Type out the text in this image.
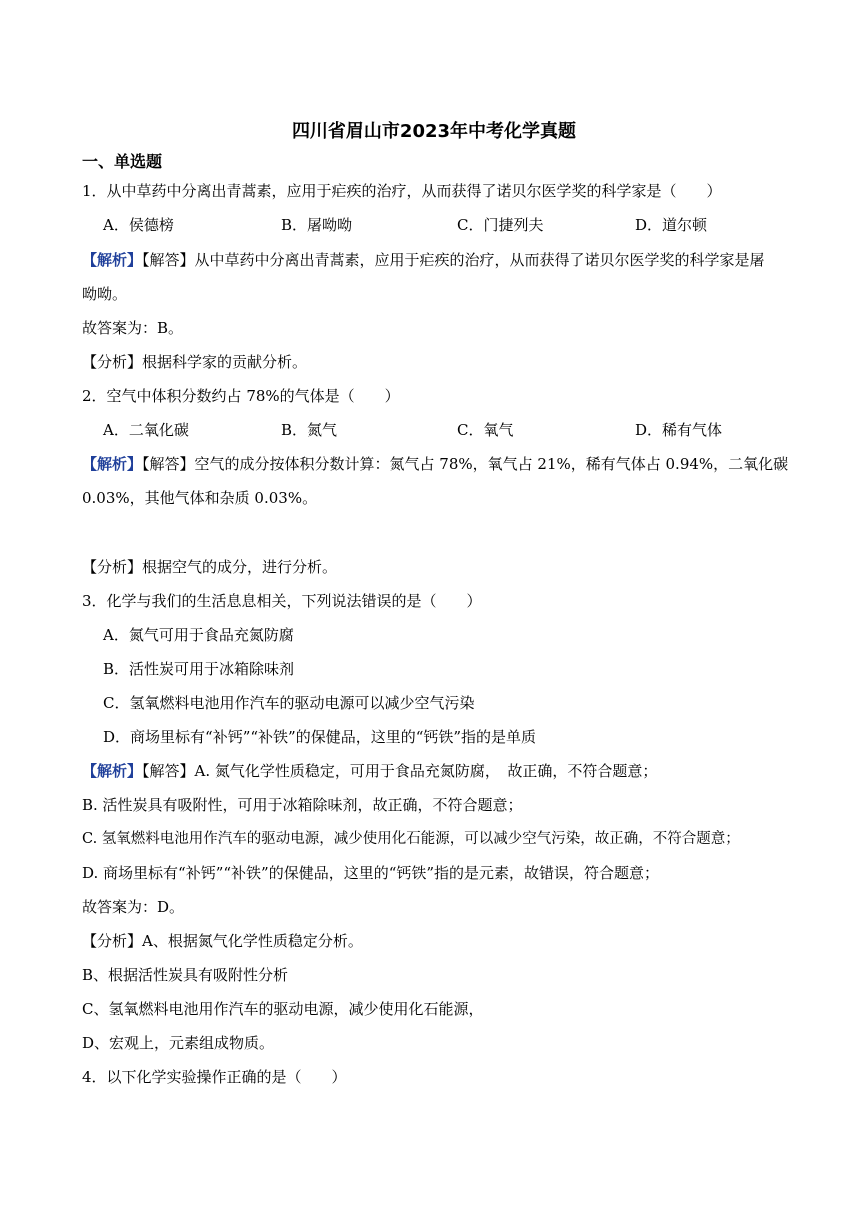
四川省眉山市2023年中考化学真题
一、单选题
1．从中草药中分离出青蒿素，应用于疟疾的治疗，从而获得了诺贝尔医学奖的科学家是（　　）
A．侯德榜	B．屠呦呦	C．门捷列夫	D．道尔顿
【解析】【解答】从中草药中分离出青蒿素，应用于疟疾的治疗，从而获得了诺贝尔医学奖的科学家是屠
呦呦。
故答案为：B。
【分析】根据科学家的贡献分析。
2．空气中体积分数约占 78%的气体是（　　）
A．二氧化碳	B．氮气	C．氧气	D．稀有气体
【解析】【解答】空气的成分按体积分数计算：氮气占 78%，氧气占 21%，稀有气体占 0.94%，二氧化碳
0.03%，其他气体和杂质 0.03%。
【分析】根据空气的成分，进行分析。
3．化学与我们的生活息息相关，下列说法错误的是（　　）
A．氮气可用于食品充氮防腐
B．活性炭可用于冰箱除味剂
C．氢氧燃料电池用作汽车的驱动电源可以减少空气污染
D．商场里标有“补钙”“补铁”的保健品，这里的“钙铁”指的是单质
【解析】【解答】A. 氮气化学性质稳定，可用于食品充氮防腐，　故正确，不符合题意；
B. 活性炭具有吸附性，可用于冰箱除味剂，故正确，不符合题意；
C. 氢氧燃料电池用作汽车的驱动电源，减少使用化石能源，可以减少空气污染，故正确，不符合题意；
D. 商场里标有“补钙”“补铁”的保健品，这里的“钙铁”指的是元素，故错误，符合题意；
故答案为：D。
【分析】A、根据氮气化学性质稳定分析。
B、根据活性炭具有吸附性分析
C、氢氧燃料电池用作汽车的驱动电源，减少使用化石能源，
D、宏观上，元素组成物质。
4．以下化学实验操作正确的是（　　）
